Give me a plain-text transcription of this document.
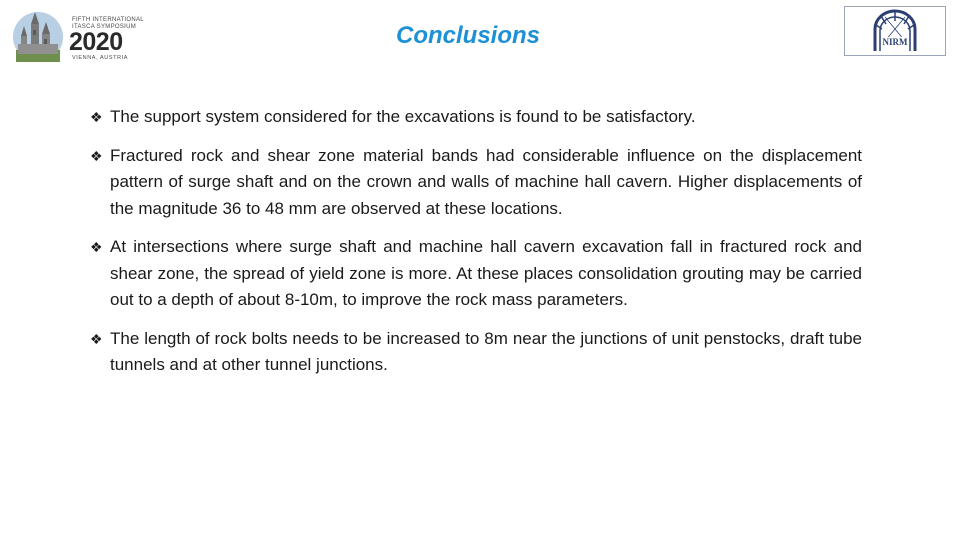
FIFTH INTERNATIONAL
ITASCA SYMPOSIUM
2020
VIENNA, AUSTRIA
Conclusions	NIRM
❖ The support system considered for the excavations is found to be satisfactory.
❖ Fractured rock and shear zone material bands had considerable influence on the displacement pattern of surge shaft and on the crown and walls of machine hall cavern. Higher displacements of the magnitude 36 to 48 mm are observed at these locations.
❖ At intersections where surge shaft and machine hall cavern excavation fall in fractured rock and shear zone, the spread of yield zone is more. At these places consolidation grouting may be carried out to a depth of about 8-10m, to improve the rock mass parameters.
❖ The length of rock bolts needs to be increased to 8m near the junctions of unit penstocks, draft tube tunnels and at other tunnel junctions.
